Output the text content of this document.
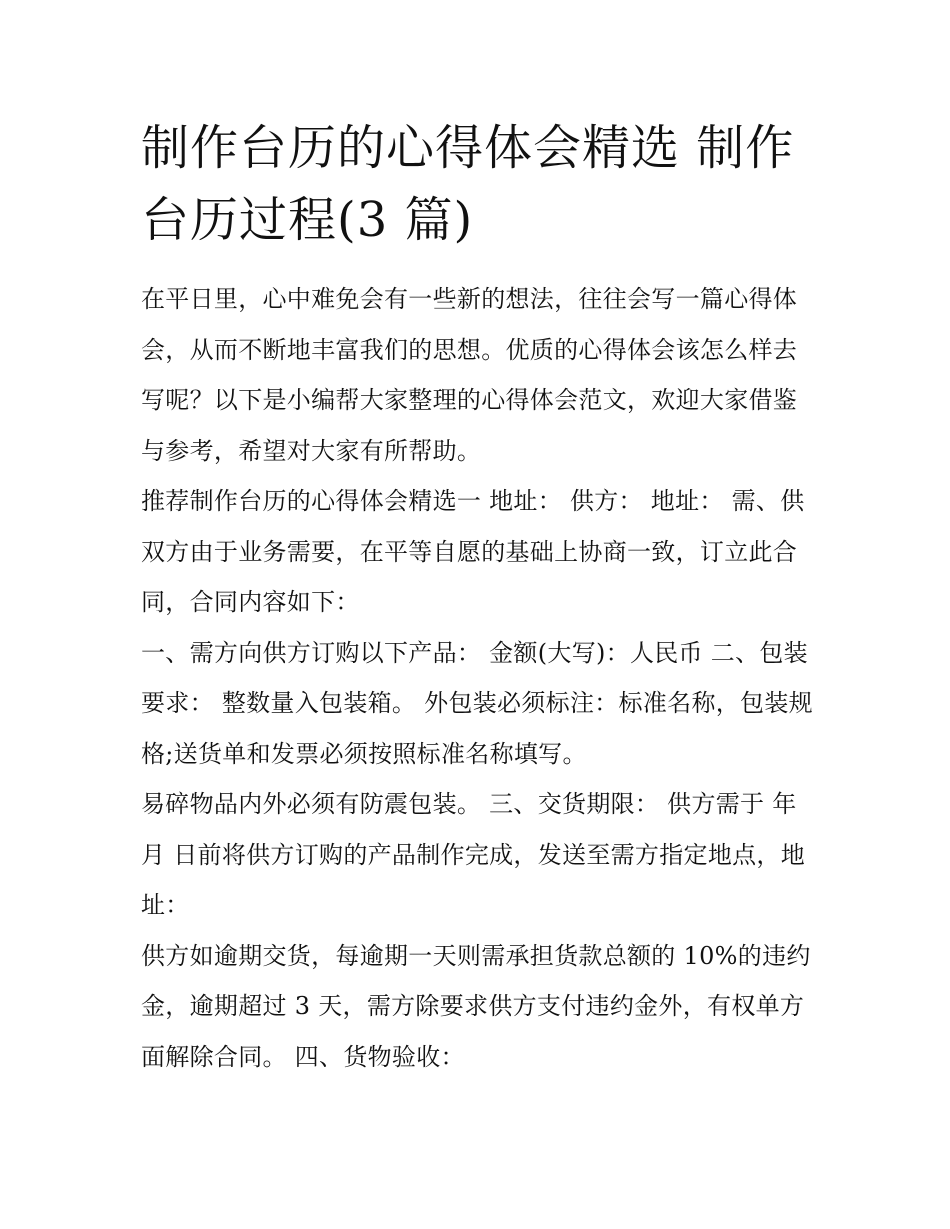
制作台历的心得体会精选 制作台历过程(3 篇)

在平日里，心中难免会有一些新的想法，往往会写一篇心得体会，从而不断地丰富我们的思想。优质的心得体会该怎么样去写呢？以下是小编帮大家整理的心得体会范文，欢迎大家借鉴与参考，希望对大家有所帮助。

推荐制作台历的心得体会精选一 地址： 供方： 地址： 需、供双方由于业务需要，在平等自愿的基础上协商一致，订立此合同，合同内容如下：

一、需方向供方订购以下产品： 金额(大写)：人民币 二、包装要求： 整数量入包装箱。 外包装必须标注：标准名称，包装规格;送货单和发票必须按照标准名称填写。

易碎物品内外必须有防震包装。 三、交货期限： 供方需于 年 月 日前将供方订购的产品制作完成，发送至需方指定地点，地址：

供方如逾期交货，每逾期一天则需承担货款总额的 10%的违约金，逾期超过 3 天，需方除要求供方支付违约金外，有权单方面解除合同。 四、货物验收：
